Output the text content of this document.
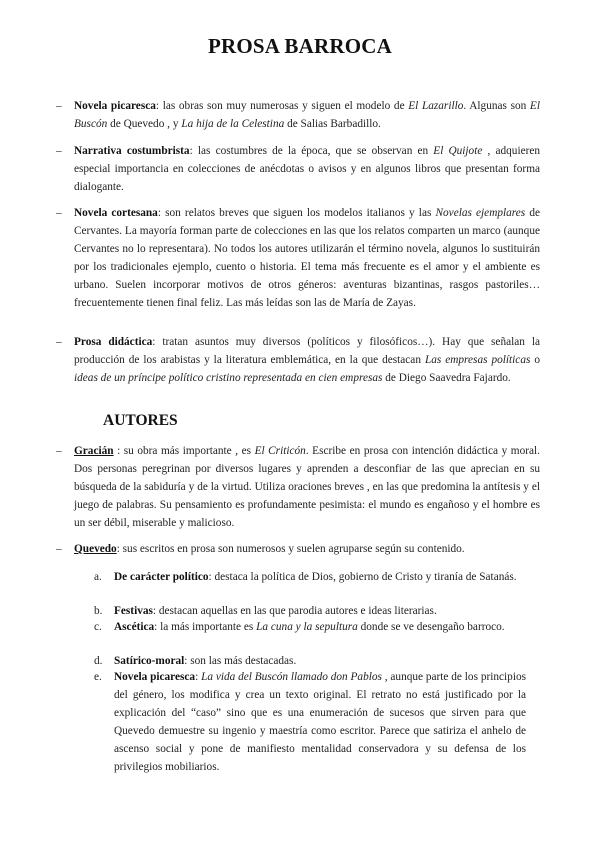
PROSA BARROCA
– Novela picaresca: las obras son muy numerosas y siguen el modelo de El Lazarillo. Algunas son El Buscón de Quevedo , y La hija de la Celestina de Salias Barbadillo.
– Narrativa costumbrista: las costumbres de la época, que se observan en El Quijote , adquieren especial importancia en colecciones de anécdotas o avisos y en algunos libros que presentan forma dialogante.
– Novela cortesana: son relatos breves que siguen los modelos italianos y las Novelas ejemplares de Cervantes. La mayoría forman parte de colecciones en las que los relatos comparten un marco (aunque Cervantes no lo representara). No todos los autores utilizarán el término novela, algunos lo sustituirán por los tradicionales ejemplo, cuento o historia. El tema más frecuente es el amor y el ambiente es urbano. Suelen incorporar motivos de otros géneros: aventuras bizantinas, rasgos pastoriles… frecuentemente tienen final feliz. Las más leídas son las de María de Zayas.
– Prosa didáctica: tratan asuntos muy diversos (políticos y filosóficos…). Hay que señalan la producción de los arabistas y la literatura emblemática, en la que destacan Las empresas políticas o ideas de un príncipe político cristino representada en cien empresas de Diego Saavedra Fajardo.
AUTORES
– Gracián : su obra más importante , es El Criticón. Escribe en prosa con intención didáctica y moral. Dos personas peregrinan por diversos lugares y aprenden a desconfiar de las que aprecian en su búsqueda de la sabiduría y de la virtud. Utiliza oraciones breves , en las que predomina la antítesis y el juego de palabras. Su pensamiento es profundamente pesimista: el mundo es engañoso y el hombre es un ser débil, miserable y malicioso.
– Quevedo: sus escritos en prosa son numerosos y suelen agruparse según su contenido.
a. De carácter político: destaca la política de Dios, gobierno de Cristo y tiranía de Satanás.
b. Festivas: destacan aquellas en las que parodia autores e ideas literarias.
c. Ascética: la más importante es La cuna y la sepultura donde se ve desengaño barroco.
d. Satírico-moral: son las más destacadas.
e. Novela picaresca: La vida del Buscón llamado don Pablos , aunque parte de los principios del género, los modifica y crea un texto original. El retrato no está justificado por la explicación del “caso” sino que es una enumeración de sucesos que sirven para que Quevedo demuestre su ingenio y maestría como escritor. Parece que satiriza el anhelo de ascenso social y pone de manifiesto mentalidad conservadora y su defensa de los privilegios mobiliarios.
